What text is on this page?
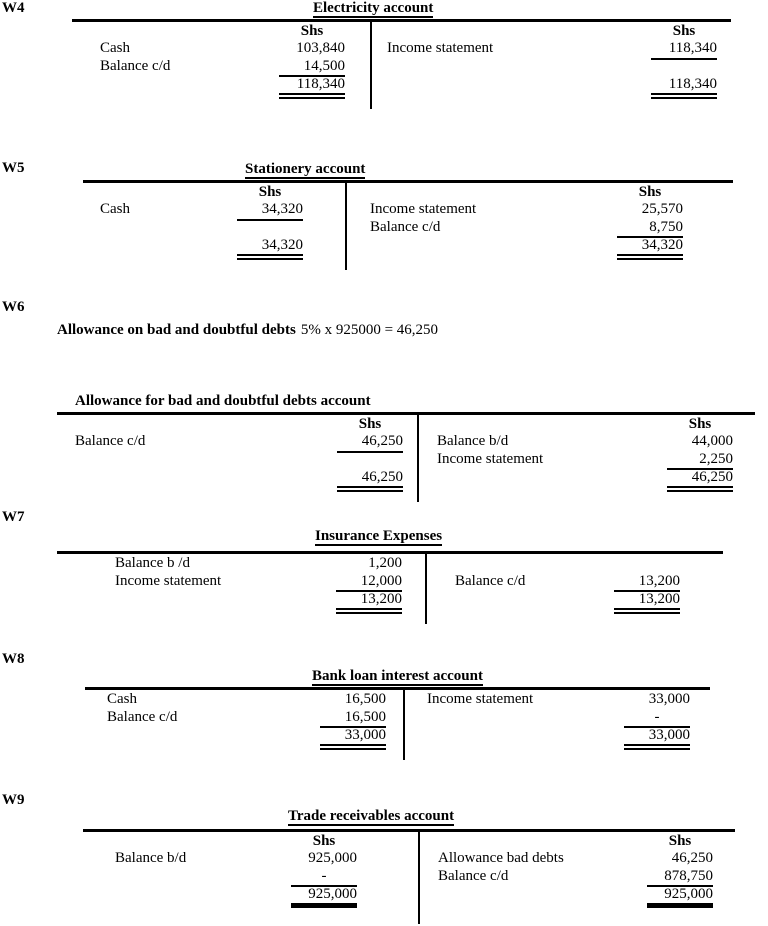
W4	Electricity account
Shs
Cash	103,840
Balance c/d	14,500
118,340
Shs
Income statement	118,340
118,340
W5	Stationery account
Shs
Cash	34,320
34,320
Shs
Income statement	25,570
Balance c/d	8,750
34,320
W6
Allowance on bad and doubtful debts 5% x 925000 = 46,250
Allowance for bad and doubtful debts account
Shs
Balance c/d	46,250
46,250
Shs
Balance b/d	44,000
Income statement	2,250
46,250
W7
Insurance Expenses
Balance b /d	1,200
Income statement	12,000
13,200
Balance c/d	13,200
13,200
W8
Bank loan interest account
Cash	16,500
Balance c/d	16,500
33,000
Income statement	33,000
-
33,000
W9
Trade receivables account
Shs
Balance b/d	925,000
-
925,000
Shs
Allowance bad debts	46,250
Balance c/d	878,750
925,000
